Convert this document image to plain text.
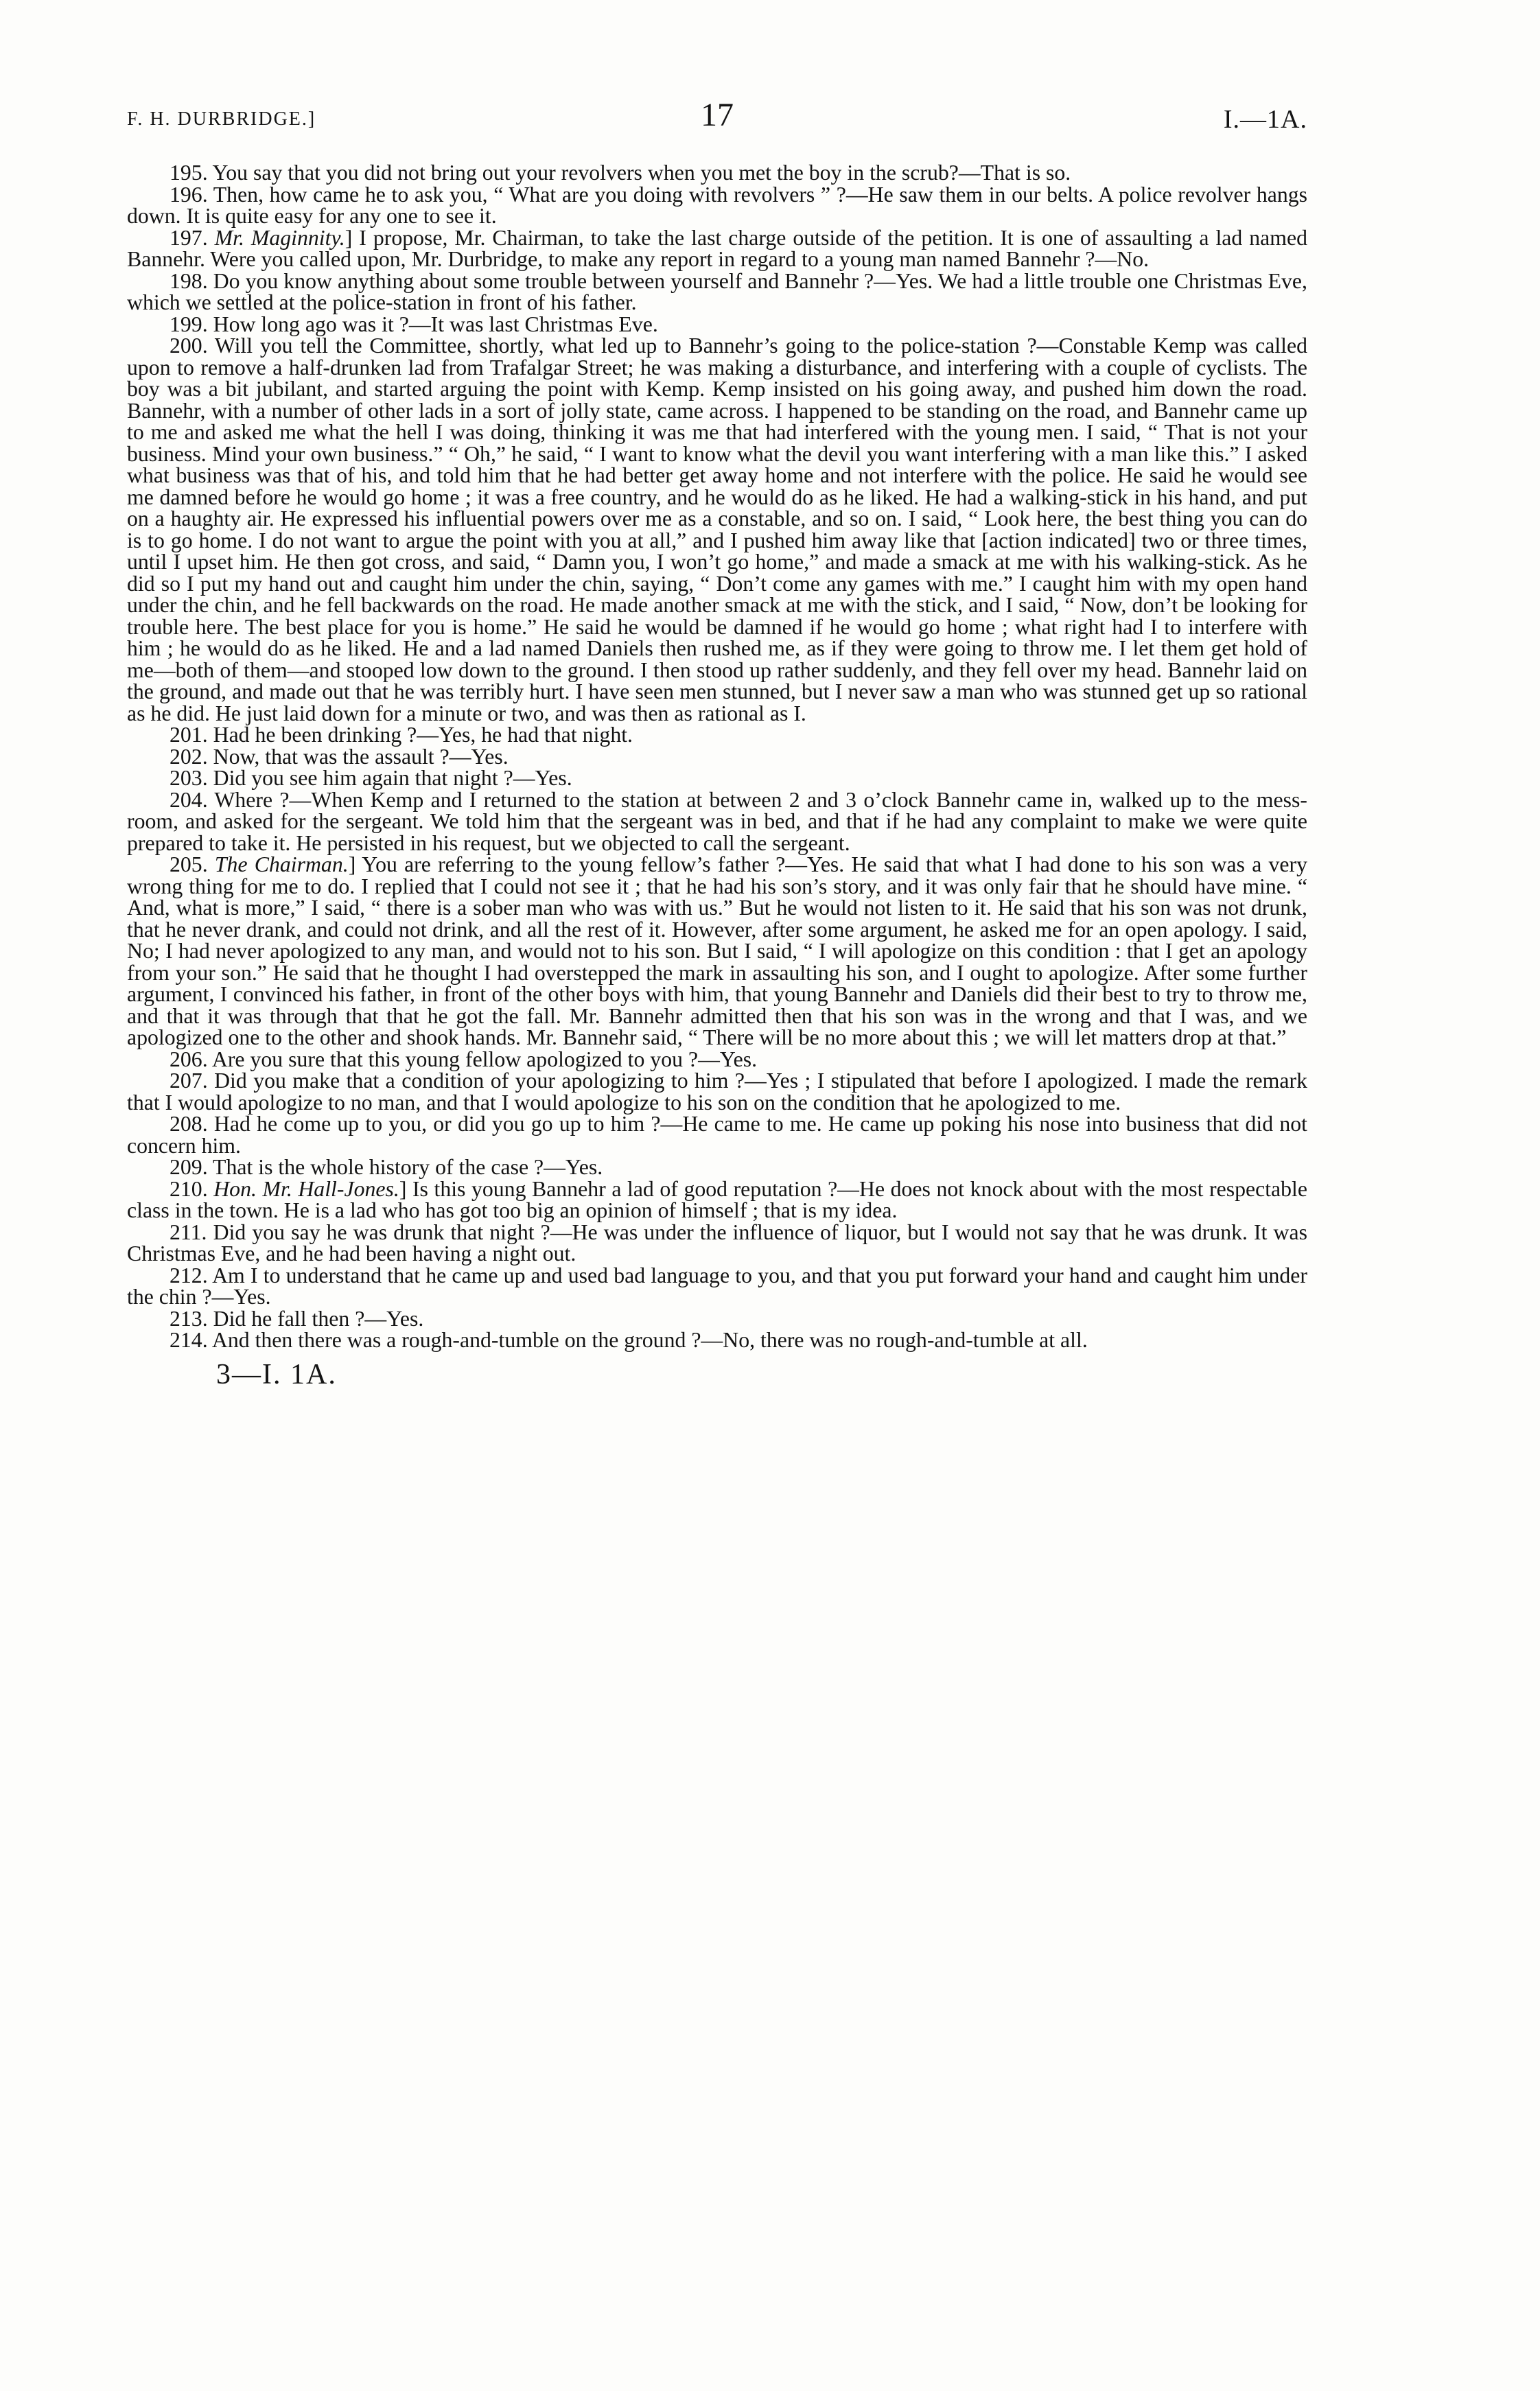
F. H. DURBRIDGE.]	17	I.—1A.

195. You say that you did not bring out your revolvers when you met the boy in the scrub?—That is so.

196. Then, how came he to ask you, “ What are you doing with revolvers ” ?—He saw them in our belts. A police revolver hangs down. It is quite easy for any one to see it.

197. Mr. Maginnity.] I propose, Mr. Chairman, to take the last charge outside of the petition. It is one of assaulting a lad named Bannehr. Were you called upon, Mr. Durbridge, to make any report in regard to a young man named Bannehr ?—No.

198. Do you know anything about some trouble between yourself and Bannehr ?—Yes. We had a little trouble one Christmas Eve, which we settled at the police-station in front of his father.

199. How long ago was it ?—It was last Christmas Eve.

200. Will you tell the Committee, shortly, what led up to Bannehr’s going to the police-station ?—Constable Kemp was called upon to remove a half-drunken lad from Trafalgar Street; he was making a disturbance, and interfering with a couple of cyclists. The boy was a bit jubilant, and started arguing the point with Kemp. Kemp insisted on his going away, and pushed him down the road. Bannehr, with a number of other lads in a sort of jolly state, came across. I happened to be standing on the road, and Bannehr came up to me and asked me what the hell I was doing, thinking it was me that had interfered with the young men. I said, “ That is not your business. Mind your own business.” “ Oh,” he said, “ I want to know what the devil you want interfering with a man like this.” I asked what business was that of his, and told him that he had better get away home and not interfere with the police. He said he would see me damned before he would go home ; it was a free country, and he would do as he liked. He had a walking-stick in his hand, and put on a haughty air. He expressed his influential powers over me as a constable, and so on. I said, “ Look here, the best thing you can do is to go home. I do not want to argue the point with you at all,” and I pushed him away like that [action indicated] two or three times, until I upset him. He then got cross, and said, “ Damn you, I won’t go home,” and made a smack at me with his walking-stick. As he did so I put my hand out and caught him under the chin, saying, “ Don’t come any games with me.” I caught him with my open hand under the chin, and he fell backwards on the road. He made another smack at me with the stick, and I said, “ Now, don’t be looking for trouble here. The best place for you is home.” He said he would be damned if he would go home ; what right had I to interfere with him ; he would do as he liked. He and a lad named Daniels then rushed me, as if they were going to throw me. I let them get hold of me—both of them—and stooped low down to the ground. I then stood up rather suddenly, and they fell over my head. Bannehr laid on the ground, and made out that he was terribly hurt. I have seen men stunned, but I never saw a man who was stunned get up so rational as he did. He just laid down for a minute or two, and was then as rational as I.

201. Had he been drinking ?—Yes, he had that night.

202. Now, that was the assault ?—Yes.

203. Did you see him again that night ?—Yes.

204. Where ?—When Kemp and I returned to the station at between 2 and 3 o’clock Bannehr came in, walked up to the mess-room, and asked for the sergeant. We told him that the sergeant was in bed, and that if he had any complaint to make we were quite prepared to take it. He persisted in his request, but we objected to call the sergeant.

205. The Chairman.] You are referring to the young fellow’s father ?—Yes. He said that what I had done to his son was a very wrong thing for me to do. I replied that I could not see it ; that he had his son’s story, and it was only fair that he should have mine. “ And, what is more,” I said, “ there is a sober man who was with us.” But he would not listen to it. He said that his son was not drunk, that he never drank, and could not drink, and all the rest of it. However, after some argument, he asked me for an open apology. I said, No; I had never apologized to any man, and would not to his son. But I said, “ I will apologize on this condition : that I get an apology from your son.” He said that he thought I had overstepped the mark in assaulting his son, and I ought to apologize. After some further argument, I convinced his father, in front of the other boys with him, that young Bannehr and Daniels did their best to try to throw me, and that it was through that that he got the fall. Mr. Bannehr admitted then that his son was in the wrong and that I was, and we apologized one to the other and shook hands. Mr. Bannehr said, “ There will be no more about this ; we will let matters drop at that.”

206. Are you sure that this young fellow apologized to you ?—Yes.

207. Did you make that a condition of your apologizing to him ?—Yes ; I stipulated that before I apologized. I made the remark that I would apologize to no man, and that I would apologize to his son on the condition that he apologized to me.

208. Had he come up to you, or did you go up to him ?—He came to me. He came up poking his nose into business that did not concern him.

209. That is the whole history of the case ?—Yes.

210. Hon. Mr. Hall-Jones.] Is this young Bannehr a lad of good reputation ?—He does not knock about with the most respectable class in the town. He is a lad who has got too big an opinion of himself ; that is my idea.

211. Did you say he was drunk that night ?—He was under the influence of liquor, but I would not say that he was drunk. It was Christmas Eve, and he had been having a night out.

212. Am I to understand that he came up and used bad language to you, and that you put forward your hand and caught him under the chin ?—Yes.

213. Did he fall then ?—Yes.

214. And then there was a rough-and-tumble on the ground ?—No, there was no rough-and-tumble at all.

3—I. 1A.
